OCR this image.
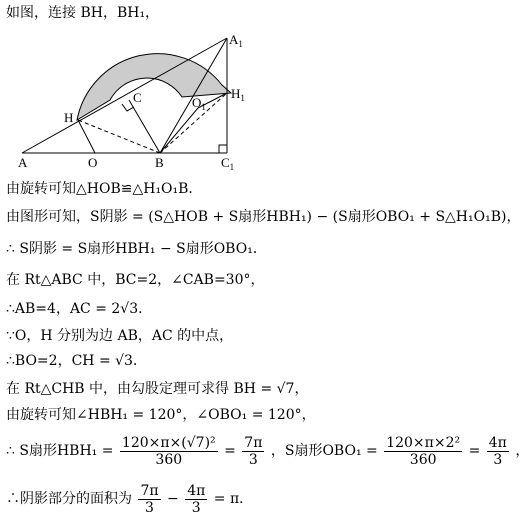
如图，连接 BH，BH₁，
$A_1$
$H_1$
C	$O_1$
H
A	O	B	$C_1$
由旋转可知△HOB≌△H₁O₁B．
由图形可知，S阴影 = (S△HOB + S扇形HBH₁) − (S扇形OBO₁ + S△H₁O₁B)，
∴ S阴影 = S扇形HBH₁ − S扇形OBO₁．
在 Rt△ABC 中，BC=2，∠CAB=30°，
∴AB=4，AC = 2√3．
∵O，H 分别为边 AB，AC 的中点，
∴BO=2，CH = √3．
在 Rt△CHB 中，由勾股定理可求得 BH = √7，
由旋转可知∠HBH₁ = 120°，∠OBO₁ = 120°，
∴ S扇形$HBH_1 = \frac{\text{120×π×(√7)²}}{360} = \frac{7\pi}{3}$ ，S扇形$OBO_1 = \frac{\text{120×π×2²}}{360} = \frac{4\pi}{3}$ ，
∴阴影部分的面积为 $\frac{7\pi}{3} - \frac{4\pi}{3} = \pi$．
